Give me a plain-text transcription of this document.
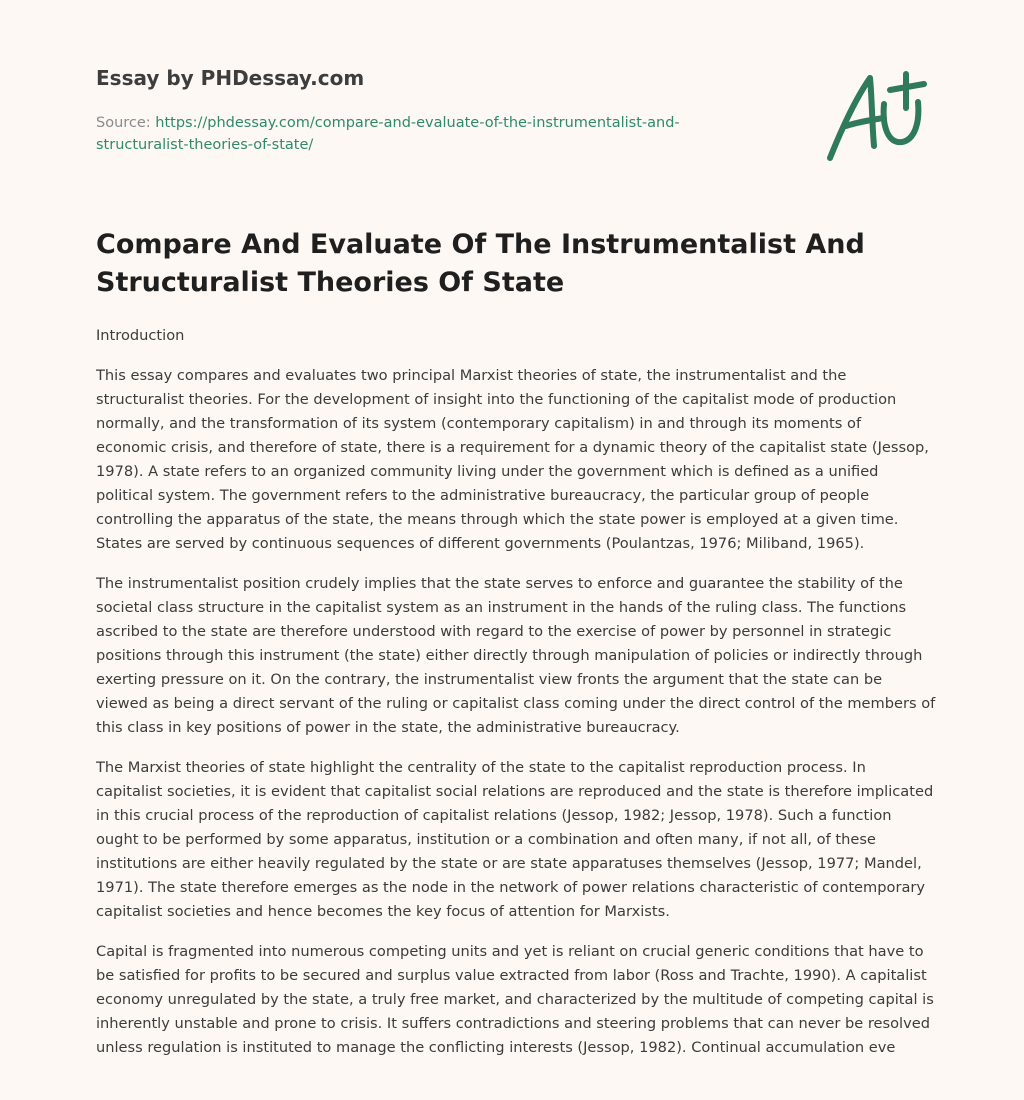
Essay by PHDessay.com

Source: https://phdessay.com/compare-and-evaluate-of-the-instrumentalist-and-structuralist-theories-of-state/
Compare And Evaluate Of The Instrumentalist And Structuralist Theories Of State

Introduction

This essay compares and evaluates two principal Marxist theories of state, the instrumentalist and the structuralist theories. For the development of insight into the functioning of the capitalist mode of production normally, and the transformation of its system (contemporary capitalism) in and through its moments of economic crisis, and therefore of state, there is a requirement for a dynamic theory of the capitalist state (Jessop, 1978). A state refers to an organized community living under the government which is defined as a unified political system. The government refers to the administrative bureaucracy, the particular group of people controlling the apparatus of the state, the means through which the state power is employed at a given time. States are served by continuous sequences of different governments (Poulantzas, 1976; Miliband, 1965).

The instrumentalist position crudely implies that the state serves to enforce and guarantee the stability of the societal class structure in the capitalist system as an instrument in the hands of the ruling class. The functions ascribed to the state are therefore understood with regard to the exercise of power by personnel in strategic positions through this instrument (the state) either directly through manipulation of policies or indirectly through exerting pressure on it. On the contrary, the instrumentalist view fronts the argument that the state can be viewed as being a direct servant of the ruling or capitalist class coming under the direct control of the members of this class in key positions of power in the state, the administrative bureaucracy.

The Marxist theories of state highlight the centrality of the state to the capitalist reproduction process. In capitalist societies, it is evident that capitalist social relations are reproduced and the state is therefore implicated in this crucial process of the reproduction of capitalist relations (Jessop, 1982; Jessop, 1978). Such a function ought to be performed by some apparatus, institution or a combination and often many, if not all, of these institutions are either heavily regulated by the state or are state apparatuses themselves (Jessop, 1977; Mandel, 1971). The state therefore emerges as the node in the network of power relations characteristic of contemporary capitalist societies and hence becomes the key focus of attention for Marxists.

Capital is fragmented into numerous competing units and yet is reliant on crucial generic conditions that have to be satisfied for profits to be secured and surplus value extracted from labor (Ross and Trachte, 1990). A capitalist economy unregulated by the state, a truly free market, and characterized by the multitude of competing capital is inherently unstable and prone to crisis. It suffers contradictions and steering problems that can never be resolved unless regulation is instituted to manage the conflicting interests (Jessop, 1982). Continual accumulation eve
